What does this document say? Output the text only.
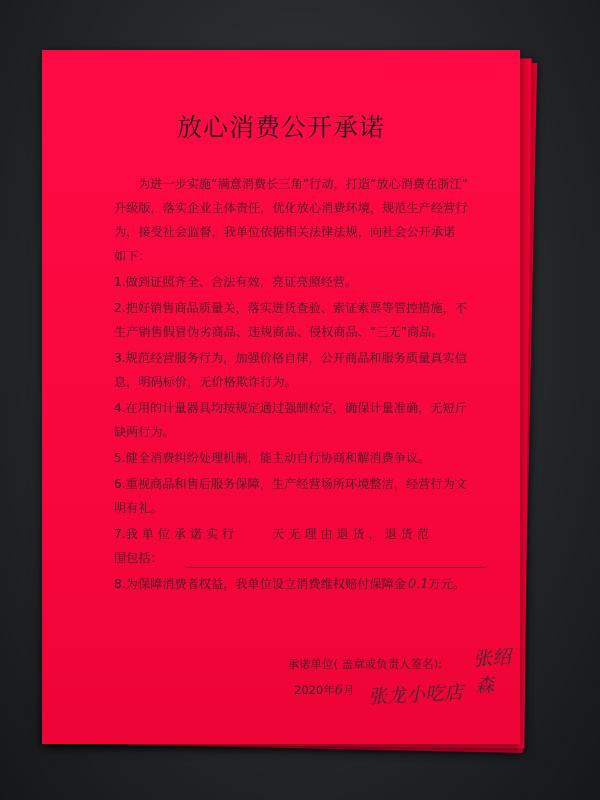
放心消费公开承诺

为进一步实施“满意消费长三角”行动，打造“放心消费在浙江”

升级版，落实企业主体责任，优化放心消费环境，规范生产经营行

为，接受社会监督，我单位依据相关法律法规，向社会公开承诺

如下：

1.做到证照齐全、合法有效，亮证亮照经营。

2.把好销售商品质量关，落实进货查验、索证索票等管控措施，不

生产销售假冒伪劣商品、违规商品、侵权商品、“三无”商品。

3.规范经营服务行为，加强价格自律，公开商品和服务质量真实信

息，明码标价，无价格欺诈行为。

4.在用的计量器具均按规定通过强制检定，确保计量准确，无短斤

缺两行为。

5.健全消费纠纷处理机制，能主动自行协商和解消费争议。

6.重视商品和售后服务保障，生产经营场所环境整洁，经营行为文

明有礼。

7.我 单 位 承 诺 实 行	天 无 理 由 退 货 ， 退 货 范

围包括：

8.为保障消费者权益，我单位设立消费维权赔付保障金 0.1万元。

承诺单位( 盖章或负责人签名): 张绍森
2020年6月 张龙小吃店
